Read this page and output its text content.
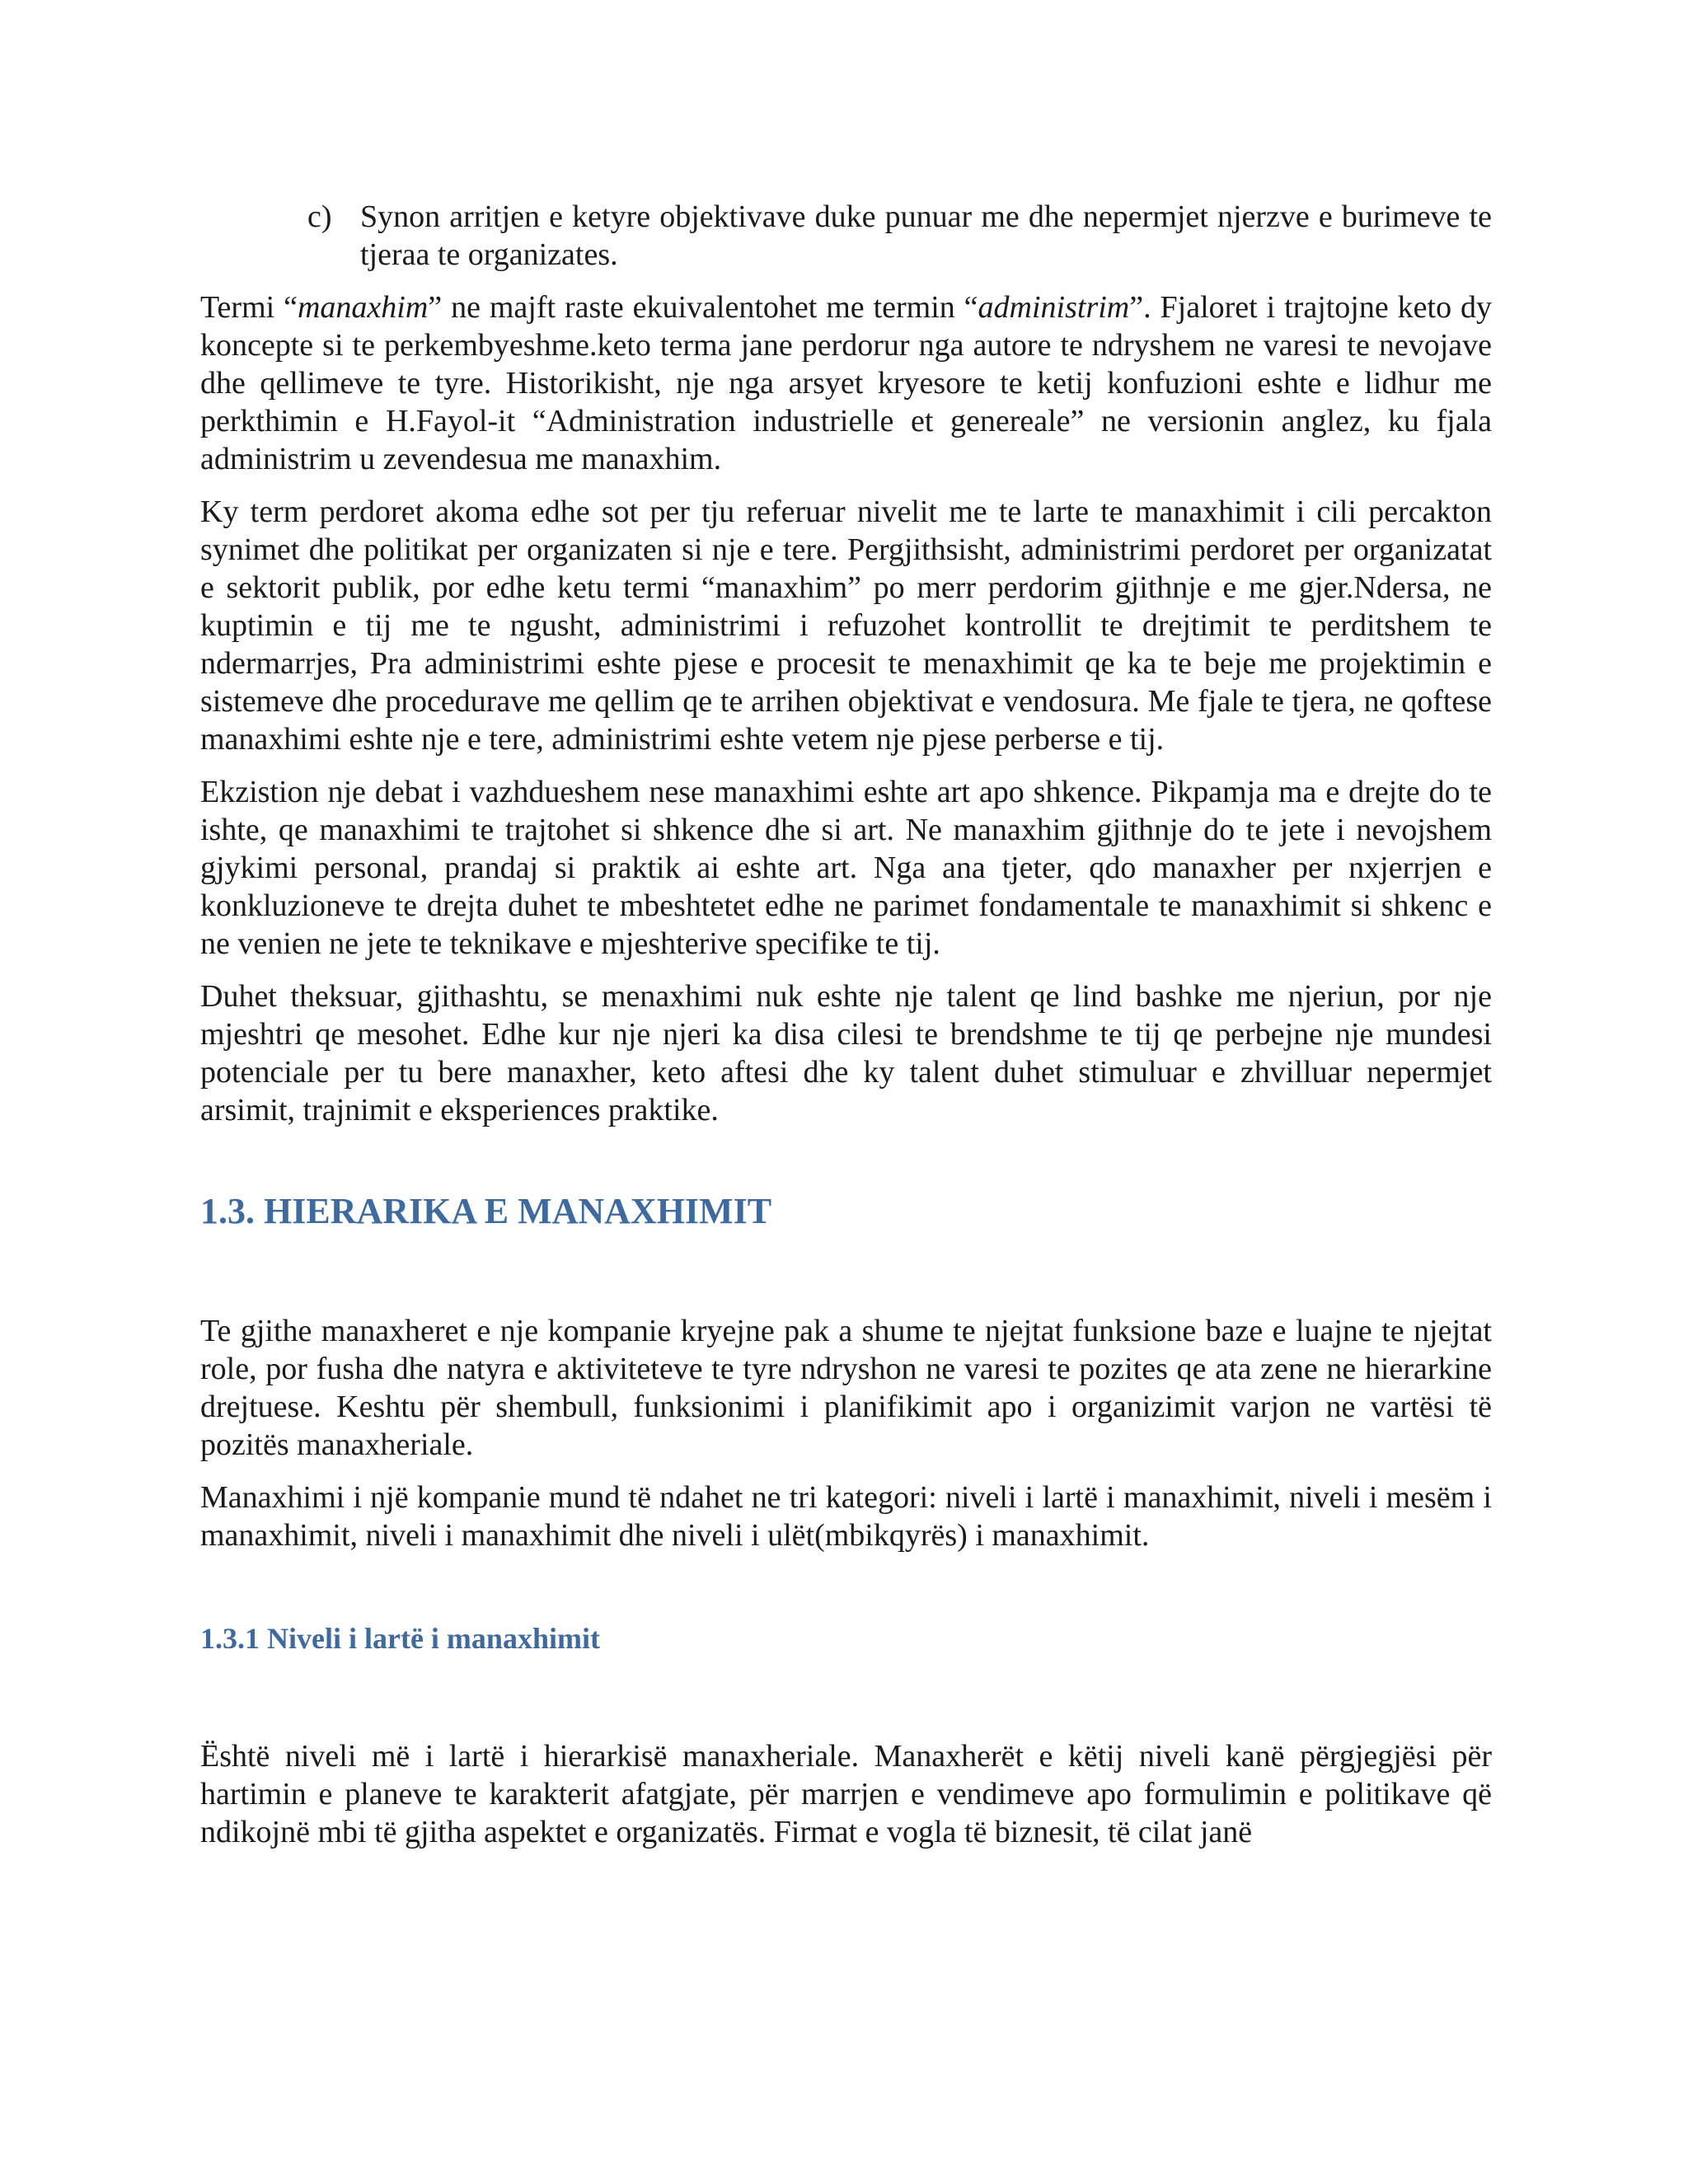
c) Synon arritjen e ketyre objektivave duke punuar me dhe nepermjet njerzve e burimeve te tjeraa te organizates.

Termi “manaxhim” ne majft raste ekuivalentohet me termin “administrim”. Fjaloret i trajtojne keto dy koncepte si te perkembyeshme.keto terma jane perdorur nga autore te ndryshem ne varesi te nevojave dhe qellimeve te tyre. Historikisht, nje nga arsyet kryesore te ketij konfuzioni eshte e lidhur me perkthimin e H.Fayol-it “Administration industrielle et genereale” ne versionin anglez, ku fjala administrim u zevendesua me manaxhim.

Ky term perdoret akoma edhe sot per tju referuar nivelit me te larte te manaxhimit i cili percakton synimet dhe politikat per organizaten si nje e tere. Pergjithsisht, administrimi perdoret per organizatat e sektorit publik, por edhe ketu termi “manaxhim” po merr perdorim gjithnje e me gjer.Ndersa, ne kuptimin e tij me te ngusht, administrimi i refuzohet kontrollit te drejtimit te perditshem te ndermarrjes, Pra administrimi eshte pjese e procesit te menaxhimit qe ka te beje me projektimin e sistemeve dhe procedurave me qellim qe te arrihen objektivat e vendosura. Me fjale te tjera, ne qoftese manaxhimi eshte nje e tere, administrimi eshte vetem nje pjese perberse e tij.

Ekzistion nje debat i vazhdueshem nese manaxhimi eshte art apo shkence. Pikpamja ma e drejte do te ishte, qe manaxhimi te trajtohet si shkence dhe si art. Ne manaxhim gjithnje do te jete i nevojshem gjykimi personal, prandaj si praktik ai eshte art. Nga ana tjeter, qdo manaxher per nxjerrjen e konkluzioneve te drejta duhet te mbeshtetet edhe ne parimet fondamentale te manaxhimit si shkenc e ne venien ne jete te teknikave e mjeshterive specifike te tij.

Duhet theksuar, gjithashtu, se menaxhimi nuk eshte nje talent qe lind bashke me njeriun, por nje mjeshtri qe mesohet. Edhe kur nje njeri ka disa cilesi te brendshme te tij qe perbejne nje mundesi potenciale per tu bere manaxher, keto aftesi dhe ky talent duhet stimuluar e zhvilluar nepermjet arsimit, trajnimit e eksperiences praktike.

1.3. HIERARIKA E MANAXHIMIT

Te gjithe manaxheret e nje kompanie kryejne pak a shume te njejtat funksione baze e luajne te njejtat role, por fusha dhe natyra e aktiviteteve te tyre ndryshon ne varesi te pozites qe ata zene ne hierarkine drejtuese. Keshtu për shembull, funksionimi i planifikimit apo i organizimit varjon ne vartësi të pozitës manaxheriale.

Manaxhimi i një kompanie mund të ndahet ne tri kategori: niveli i lartë i manaxhimit, niveli i mesëm i manaxhimit, niveli i manaxhimit dhe niveli i ulët(mbikqyrës) i manaxhimit.

1.3.1 Niveli i lartë i manaxhimit

Është niveli më i lartë i hierarkisë manaxheriale. Manaxherët e këtij niveli kanë përgjegjësi për hartimin e planeve te karakterit afatgjate, për marrjen e vendimeve apo formulimin e politikave që ndikojnë mbi të gjitha aspektet e organizatës. Firmat e vogla të biznesit, të cilat janë
